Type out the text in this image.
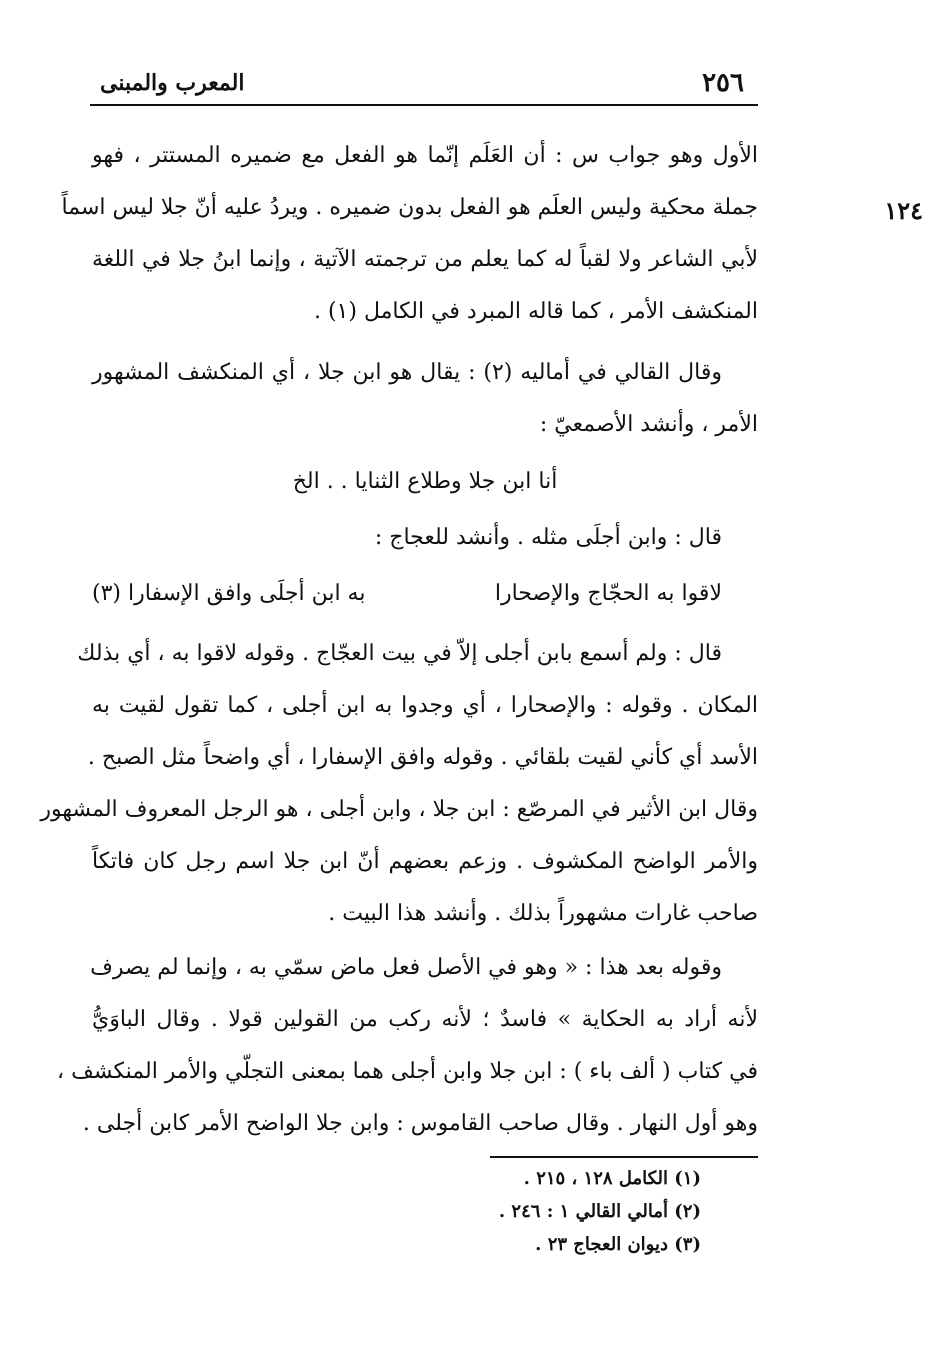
٢٥٦
المعرب والمبنى
١٢٤
الأول وهو جواب س : أن العَلَم إنّما هو الفعل مع ضميره المستتر ، فهو
جملة محكية وليس العلَم هو الفعل بدون ضميره . ويردُ عليه أنّ جلا ليس اسماً
لأبي الشاعر ولا لقباً له كما يعلم من ترجمته الآتية ، وإنما ابنُ جلا في اللغة
المنكشف الأمر ، كما قاله المبرد في الكامل (١) .
وقال القالي في أماليه (٢) : يقال هو ابن جلا ، أي المنكشف المشهور
الأمر ، وأنشد الأصمعيّ :
أنا ابن جلا وطلاع الثنايا . . الخ
قال : وابن أجلَى مثله . وأنشد للعجاج :
لاقوا به الحجّاج والإصحارا
به ابن أجلَى وافق الإسفارا (٣)
قال : ولم أسمع بابن أجلى إلاّ في بيت العجّاج . وقوله لاقوا به ، أي بذلك
المكان . وقوله : والإصحارا ، أي وجدوا به ابن أجلى ، كما تقول لقيت به
الأسد أي كأني لقيت بلقائي . وقوله وافق الإسفارا ، أي واضحاً مثل الصبح .
وقال ابن الأثير في المرصّع : ابن جلا ، وابن أجلى ، هو الرجل المعروف المشهور
والأمر الواضح المكشوف . وزعم بعضهم أنّ ابن جلا اسم رجل كان فاتكاً
صاحب غارات مشهوراً بذلك . وأنشد هذا البيت .
وقوله بعد هذا : « وهو في الأصل فعل ماض سمّي به ، وإنما لم يصرف
لأنه أراد به الحكاية » فاسدٌ ؛ لأنه ركب من القولين قولا . وقال الباوَيُّ
في كتاب ( ألف باء ) : ابن جلا وابن أجلى هما بمعنى التجلّي والأمر المنكشف ،
وهو أول النهار . وقال صاحب القاموس : وابن جلا الواضح الأمر كابن أجلى .
(١) الكامل ١٢٨ ، ٢١٥ .
(٢) أمالي القالي ١ : ٢٤٦ .
(٣) ديوان العجاج ٢٣ .
